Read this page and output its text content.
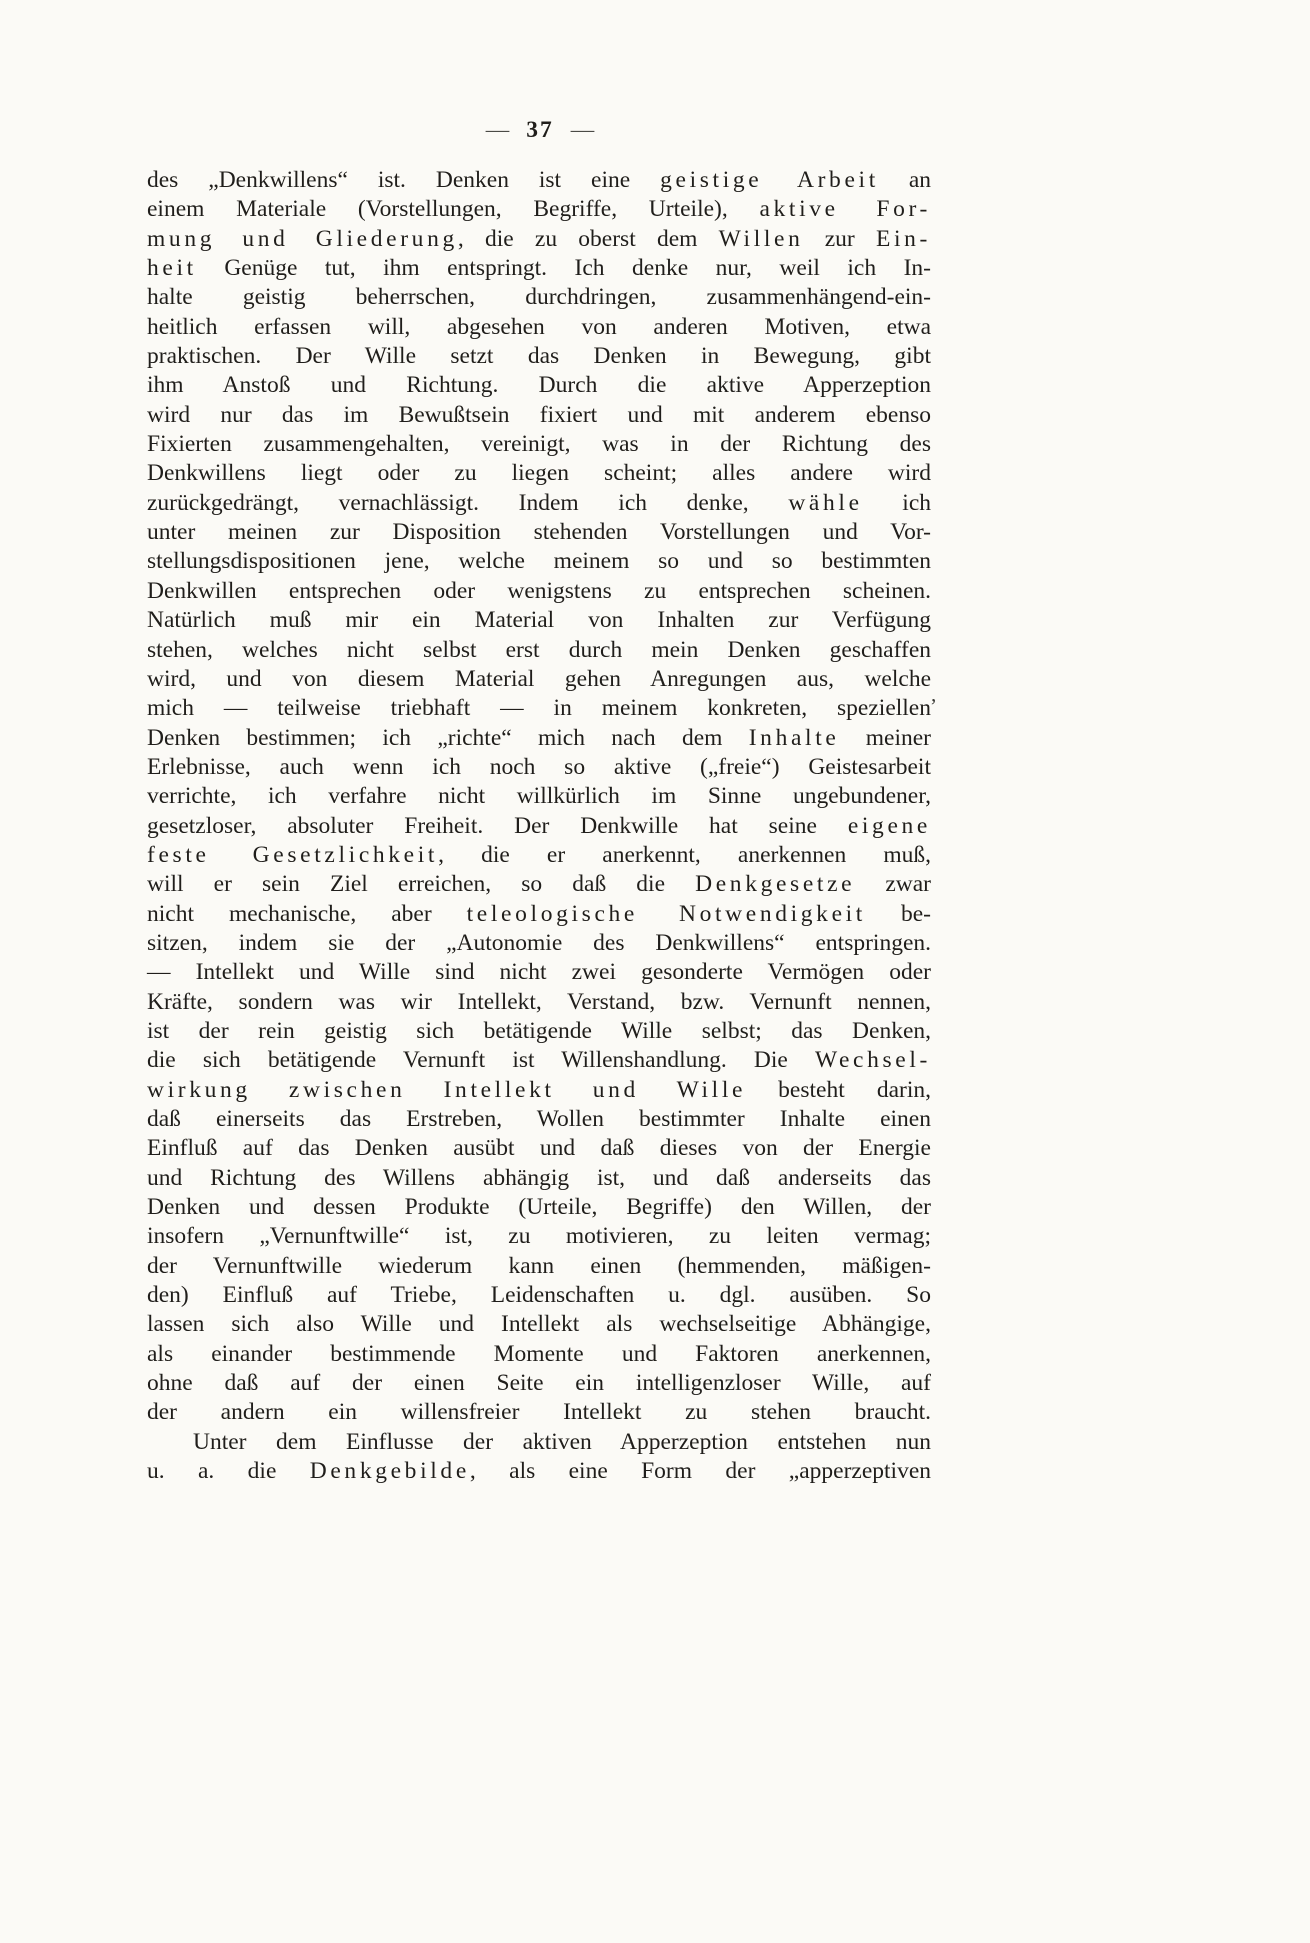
— 37 —
des „Denkwillens“ ist. Denken ist eine geistige Arbeit an
einem Materiale (Vorstellungen, Begriffe, Urteile), aktive For-
mung und Gliederung, die zu oberst dem Willen zur Ein-
heit Genüge tut, ihm entspringt. Ich denke nur, weil ich In-
halte geistig beherrschen, durchdringen, zusammenhängend-ein-
heitlich erfassen will, abgesehen von anderen Motiven, etwa
praktischen. Der Wille setzt das Denken in Bewegung, gibt
ihm Anstoß und Richtung. Durch die aktive Apperzeption
wird nur das im Bewußtsein fixiert und mit anderem ebenso
Fixierten zusammengehalten, vereinigt, was in der Richtung des
Denkwillens liegt oder zu liegen scheint; alles andere wird
zurückgedrängt, vernachlässigt. Indem ich denke, wähle ich
unter meinen zur Disposition stehenden Vorstellungen und Vor-
stellungsdispositionen jene, welche meinem so und so bestimmten
Denkwillen entsprechen oder wenigstens zu entsprechen scheinen.
Natürlich muß mir ein Material von Inhalten zur Verfügung
stehen, welches nicht selbst erst durch mein Denken geschaffen
wird, und von diesem Material gehen Anregungen aus, welche
mich — teilweise triebhaft — in meinem konkreten, speziellen
Denken bestimmen; ich „richte“ mich nach dem Inhalte meiner
Erlebnisse, auch wenn ich noch so aktive („freie“) Geistesarbeit
verrichte, ich verfahre nicht willkürlich im Sinne ungebundener,
gesetzloser, absoluter Freiheit. Der Denkwille hat seine eigene
feste Gesetzlichkeit, die er anerkennt, anerkennen muß,
will er sein Ziel erreichen, so daß die Denkgesetze zwar
nicht mechanische, aber teleologische Notwendigkeit be-
sitzen, indem sie der „Autonomie des Denkwillens“ entspringen.
— Intellekt und Wille sind nicht zwei gesonderte Vermögen oder
Kräfte, sondern was wir Intellekt, Verstand, bzw. Vernunft nennen,
ist der rein geistig sich betätigende Wille selbst; das Denken,
die sich betätigende Vernunft ist Willenshandlung. Die Wechsel-
wirkung zwischen Intellekt und Wille besteht darin,
daß einerseits das Erstreben, Wollen bestimmter Inhalte einen
Einfluß auf das Denken ausübt und daß dieses von der Energie
und Richtung des Willens abhängig ist, und daß anderseits das
Denken und dessen Produkte (Urteile, Begriffe) den Willen, der
insofern „Vernunftwille“ ist, zu motivieren, zu leiten vermag;
der Vernunftwille wiederum kann einen (hemmenden, mäßigen-
den) Einfluß auf Triebe, Leidenschaften u. dgl. ausüben. So
lassen sich also Wille und Intellekt als wechselseitige Abhängige,
als einander bestimmende Momente und Faktoren anerkennen,
ohne daß auf der einen Seite ein intelligenzloser Wille, auf
der andern ein willensfreier Intellekt zu stehen braucht.
Unter dem Einflusse der aktiven Apperzeption entstehen nun
u. a. die Denkgebilde, als eine Form der „apperzeptiven
’
